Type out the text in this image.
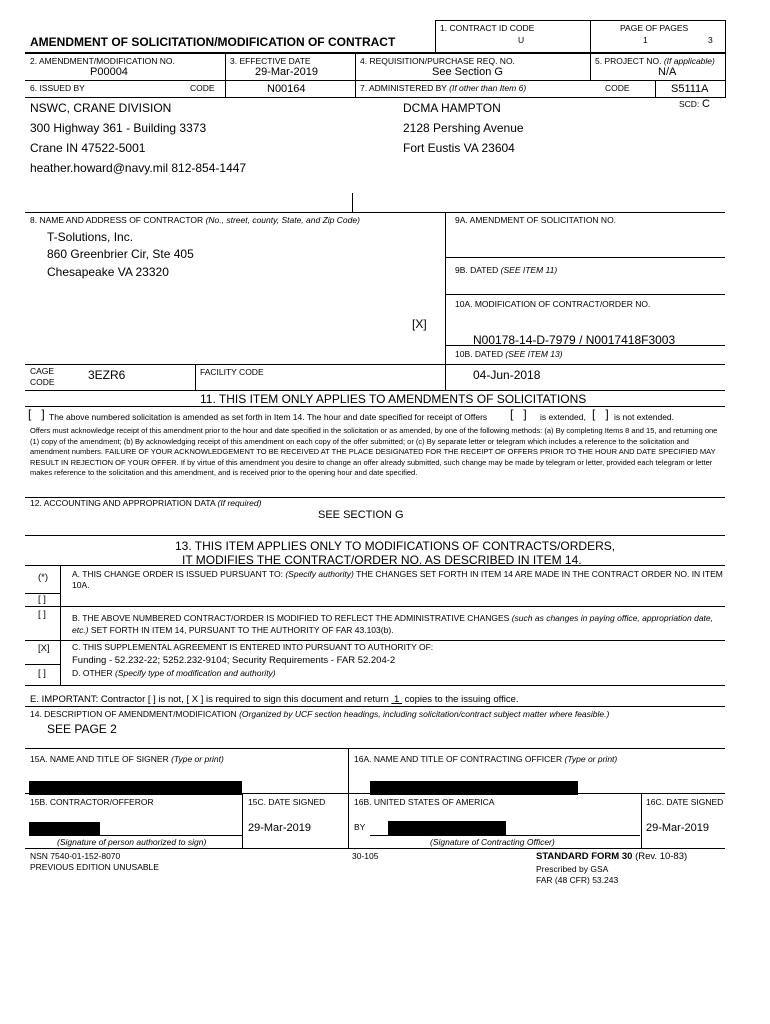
1. CONTRACT ID CODE
U
PAGE OF PAGES
1	3
AMENDMENT OF SOLICITATION/MODIFICATION OF CONTRACT
2. AMENDMENT/MODIFICATION NO.
P00004
3. EFFECTIVE DATE
29-Mar-2019
4. REQUISITION/PURCHASE REQ. NO.
See Section G
5. PROJECT NO. (If applicable)
N/A
6. ISSUED BY	CODE	N00164	7. ADMINISTERED BY (If other than Item 6)	CODE	S5111A
SCD: C
NSWC, CRANE DIVISION
300 Highway 361 - Building 3373
Crane IN 47522-5001
heather.howard@navy.mil 812-854-1447
DCMA HAMPTON
2128 Pershing Avenue
Fort Eustis VA 23604
8. NAME AND ADDRESS OF CONTRACTOR (No., street, county, State, and Zip Code)
T-Solutions, Inc.
860 Greenbrier Cir, Ste 405
Chesapeake VA 23320
9A. AMENDMENT OF SOLICITATION NO.
9B. DATED (SEE ITEM 11)
10A. MODIFICATION OF CONTRACT/ORDER NO.
[X]
N00178-14-D-7979 / N0017418F3003
10B. DATED (SEE ITEM 13)
04-Jun-2018
CAGE CODE	3EZR6	FACILITY CODE
11. THIS ITEM ONLY APPLIES TO AMENDMENTS OF SOLICITATIONS
[   ] The above numbered solicitation is amended as set forth in Item 14. The hour and date specified for receipt of Offers [   ] is extended, [   ] is not extended.
Offers must acknowledge receipt of this amendment prior to the hour and date specified in the solicitation or as amended, by one of the following methods: (a) By completing Items 8 and 15, and returning one (1) copy of the amendment; (b) By acknowledging receipt of this amendment on each copy of the offer submitted; or (c) By separate letter or telegram which includes a reference to the solicitation and amendment numbers. FAILURE OF YOUR ACKNOWLEDGEMENT TO BE RECEIVED AT THE PLACE DESIGNATED FOR THE RECEIPT OF OFFERS PRIOR TO THE HOUR AND DATE SPECIFIED MAY RESULT IN REJECTION OF YOUR OFFER. If by virtue of this amendment you desire to change an offer already submitted, such change may be made by telegram or letter, provided each telegram or letter makes reference to the solicitation and this amendment, and is received prior to the opening hour and date specified.
12. ACCOUNTING AND APPROPRIATION DATA (If required)
SEE SECTION G
13. THIS ITEM APPLIES ONLY TO MODIFICATIONS OF CONTRACTS/ORDERS,
IT MODIFIES THE CONTRACT/ORDER NO. AS DESCRIBED IN ITEM 14.
(*)	A. THIS CHANGE ORDER IS ISSUED PURSUANT TO: (Specify authority) THE CHANGES SET FORTH IN ITEM 14 ARE MADE IN THE CONTRACT ORDER NO. IN ITEM 10A.
[ ]
[ ]	B. THE ABOVE NUMBERED CONTRACT/ORDER IS MODIFIED TO REFLECT THE ADMINISTRATIVE CHANGES (such as changes in paying office, appropriation date, etc.) SET FORTH IN ITEM 14, PURSUANT TO THE AUTHORITY OF FAR 43.103(b).
[X]	C. THIS SUPPLEMENTAL AGREEMENT IS ENTERED INTO PURSUANT TO AUTHORITY OF:
Funding - 52.232-22; 5252.232-9104; Security Requirements - FAR 52.204-2
[ ]	D. OTHER (Specify type of modification and authority)
E. IMPORTANT: Contractor [ ] is not, [ X ] is required to sign this document and return 1 copies to the issuing office.
14. DESCRIPTION OF AMENDMENT/MODIFICATION (Organized by UCF section headings, including solicitation/contract subject matter where feasible.)
SEE PAGE 2
15A. NAME AND TITLE OF SIGNER (Type or print)	16A. NAME AND TITLE OF CONTRACTING OFFICER (Type or print)
15B. CONTRACTOR/OFFEROR	15C. DATE SIGNED	16B. UNITED STATES OF AMERICA	16C. DATE SIGNED
29-Mar-2019	BY	29-Mar-2019
(Signature of person authorized to sign)	(Signature of Contracting Officer)
NSN 7540-01-152-8070
PREVIOUS EDITION UNUSABLE
30-105	STANDARD FORM 30 (Rev. 10-83)
Prescribed by GSA
FAR (48 CFR) 53.243
